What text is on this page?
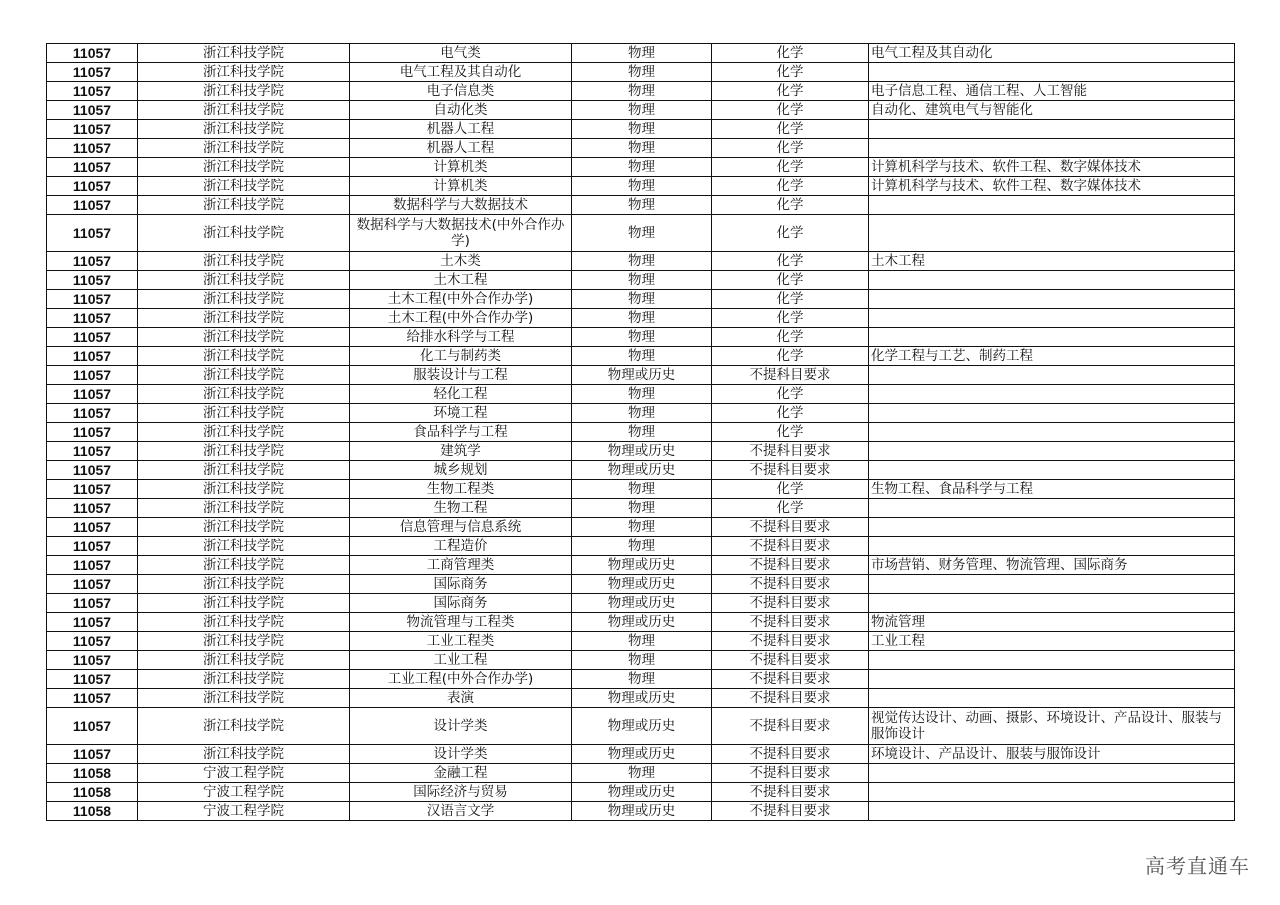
11057	浙江科技学院	电气类	物理	化学	电气工程及其自动化
11057	浙江科技学院	电气工程及其自动化	物理	化学	
11057	浙江科技学院	电子信息类	物理	化学	电子信息工程、通信工程、人工智能
11057	浙江科技学院	自动化类	物理	化学	自动化、建筑电气与智能化
11057	浙江科技学院	机器人工程	物理	化学	
11057	浙江科技学院	机器人工程	物理	化学	
11057	浙江科技学院	计算机类	物理	化学	计算机科学与技术、软件工程、数字媒体技术
11057	浙江科技学院	计算机类	物理	化学	计算机科学与技术、软件工程、数字媒体技术
11057	浙江科技学院	数据科学与大数据技术	物理	化学	
11057	浙江科技学院	数据科学与大数据技术(中外合作办学)	物理	化学	
11057	浙江科技学院	土木类	物理	化学	土木工程
11057	浙江科技学院	土木工程	物理	化学	
11057	浙江科技学院	土木工程(中外合作办学)	物理	化学	
11057	浙江科技学院	土木工程(中外合作办学)	物理	化学	
11057	浙江科技学院	给排水科学与工程	物理	化学	
11057	浙江科技学院	化工与制药类	物理	化学	化学工程与工艺、制药工程
11057	浙江科技学院	服装设计与工程	物理或历史	不提科目要求	
11057	浙江科技学院	轻化工程	物理	化学	
11057	浙江科技学院	环境工程	物理	化学	
11057	浙江科技学院	食品科学与工程	物理	化学	
11057	浙江科技学院	建筑学	物理或历史	不提科目要求	
11057	浙江科技学院	城乡规划	物理或历史	不提科目要求	
11057	浙江科技学院	生物工程类	物理	化学	生物工程、食品科学与工程
11057	浙江科技学院	生物工程	物理	化学	
11057	浙江科技学院	信息管理与信息系统	物理	不提科目要求	
11057	浙江科技学院	工程造价	物理	不提科目要求	
11057	浙江科技学院	工商管理类	物理或历史	不提科目要求	市场营销、财务管理、物流管理、国际商务
11057	浙江科技学院	国际商务	物理或历史	不提科目要求	
11057	浙江科技学院	国际商务	物理或历史	不提科目要求	
11057	浙江科技学院	物流管理与工程类	物理或历史	不提科目要求	物流管理
11057	浙江科技学院	工业工程类	物理	不提科目要求	工业工程
11057	浙江科技学院	工业工程	物理	不提科目要求	
11057	浙江科技学院	工业工程(中外合作办学)	物理	不提科目要求	
11057	浙江科技学院	表演	物理或历史	不提科目要求	
11057	浙江科技学院	设计学类	物理或历史	不提科目要求	视觉传达设计、动画、摄影、环境设计、产品设计、服装与服饰设计
11057	浙江科技学院	设计学类	物理或历史	不提科目要求	环境设计、产品设计、服装与服饰设计
11058	宁波工程学院	金融工程	物理	不提科目要求	
11058	宁波工程学院	国际经济与贸易	物理或历史	不提科目要求	
11058	宁波工程学院	汉语言文学	物理或历史	不提科目要求	
高考直通车
